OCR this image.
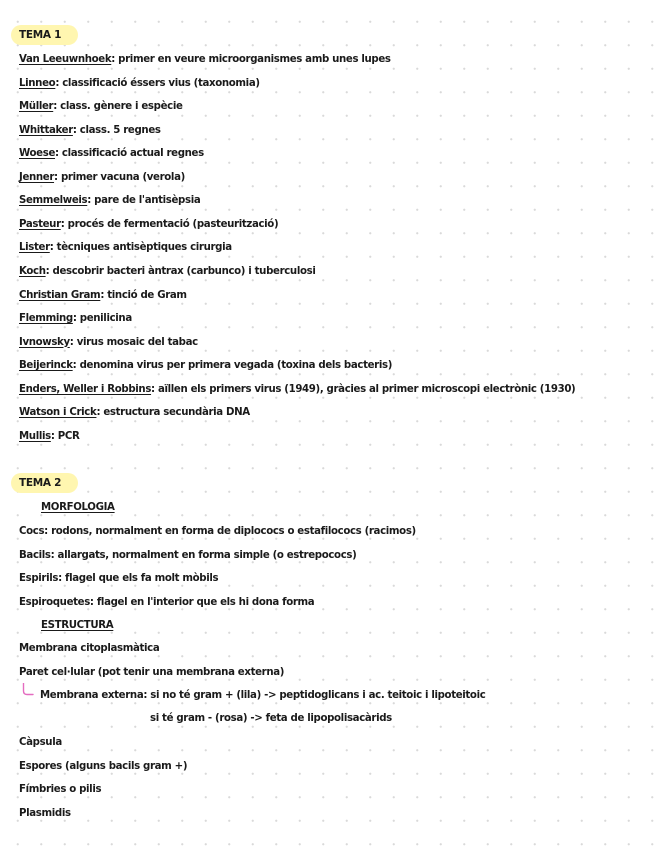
TEMA 1
Van Leeuwnhoek: primer en veure microorganismes amb unes lupes
Linneo: classificació éssers vius (taxonomia)
Müller: class. gènere i espècie
Whittaker: class. 5 regnes
Woese: classificació actual regnes
Jenner: primer vacuna (verola)
Semmelweis: pare de l'antisèpsia
Pasteur: procés de fermentació (pasteurització)
Lister: tècniques antisèptiques cirurgia
Koch: descobrir bacteri àntrax (carbunco) i tuberculosi
Christian Gram: tinció de Gram
Flemming: penilicina
Ivnowsky: virus mosaic del tabac
Beijerinck: denomina virus per primera vegada (toxina dels bacteris)
Enders, Weller i Robbins: aïllen els primers virus (1949), gràcies al primer microscopi electrònic (1930)
Watson i Crick: estructura secundària DNA
Mullis: PCR
TEMA 2
MORFOLOGIA
Cocs: rodons, normalment en forma de diplococs o estafilococs (racimos)
Bacils: allargats, normalment en forma simple (o estrepococs)
Espirils: flagel que els fa molt mòbils
Espiroquetes: flagel en l'interior que els hi dona forma
ESTRUCTURA
Membrana citoplasmàtica
Paret cel·lular (pot tenir una membrana externa)
Membrana externa: si no té gram + (lila) -> peptidoglicans i ac. teitoic i lipoteitoic
si té gram - (rosa) -> feta de lipopolisacàrids
Càpsula
Espores (alguns bacils gram +)
Fímbries o pilis
Plasmidis
